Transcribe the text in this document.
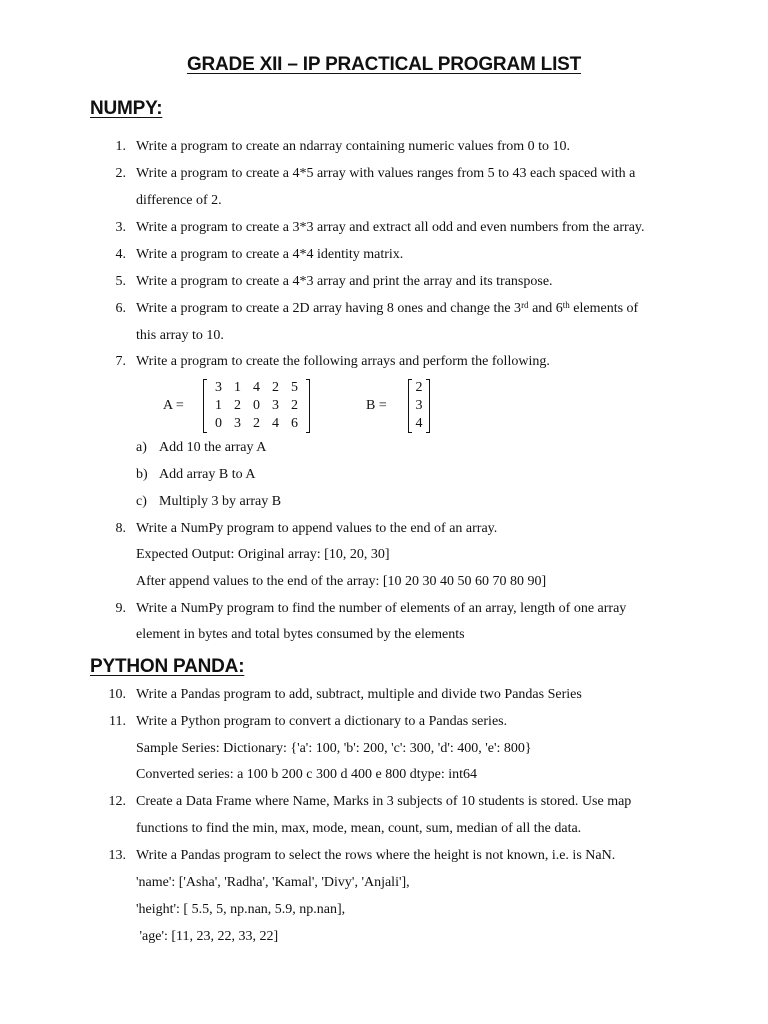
GRADE XII – IP PRACTICAL PROGRAM LIST
NUMPY:
1. Write a program to create an ndarray containing numeric values from 0 to 10.
2. Write a program to create a 4*5 array with values ranges from 5 to 43 each spaced with a
difference of 2.
3. Write a program to create a 3*3 array and extract all odd and even numbers from the array.
4. Write a program to create a 4*4 identity matrix.
5. Write a program to create a 4*3 array and print the array and its transpose.
6. Write a program to create a 2D array having 8 ones and change the 3rd and 6th elements of
this array to 10.
7. Write a program to create the following arrays and perform the following.
A =
3 1 4 2 5
1 2 0 3 2
0 3 2 4 6
B =
2
3
4
a) Add 10 the array A
b) Add array B to A
c) Multiply 3 by array B
8. Write a NumPy program to append values to the end of an array.
Expected Output: Original array: [10, 20, 30]
After append values to the end of the array: [10 20 30 40 50 60 70 80 90]
9. Write a NumPy program to find the number of elements of an array, length of one array
element in bytes and total bytes consumed by the elements
PYTHON PANDA:
10. Write a Pandas program to add, subtract, multiple and divide two Pandas Series
11. Write a Python program to convert a dictionary to a Pandas series.
Sample Series: Dictionary: {'a': 100, 'b': 200, 'c': 300, 'd': 400, 'e': 800}
Converted series: a 100 b 200 c 300 d 400 e 800 dtype: int64
12. Create a Data Frame where Name, Marks in 3 subjects of 10 students is stored. Use map
functions to find the min, max, mode, mean, count, sum, median of all the data.
13. Write a Pandas program to select the rows where the height is not known, i.e. is NaN.
'name': ['Asha', 'Radha', 'Kamal', 'Divy', 'Anjali'],
'height': [ 5.5, 5, np.nan, 5.9, np.nan],
'age': [11, 23, 22, 33, 22]
